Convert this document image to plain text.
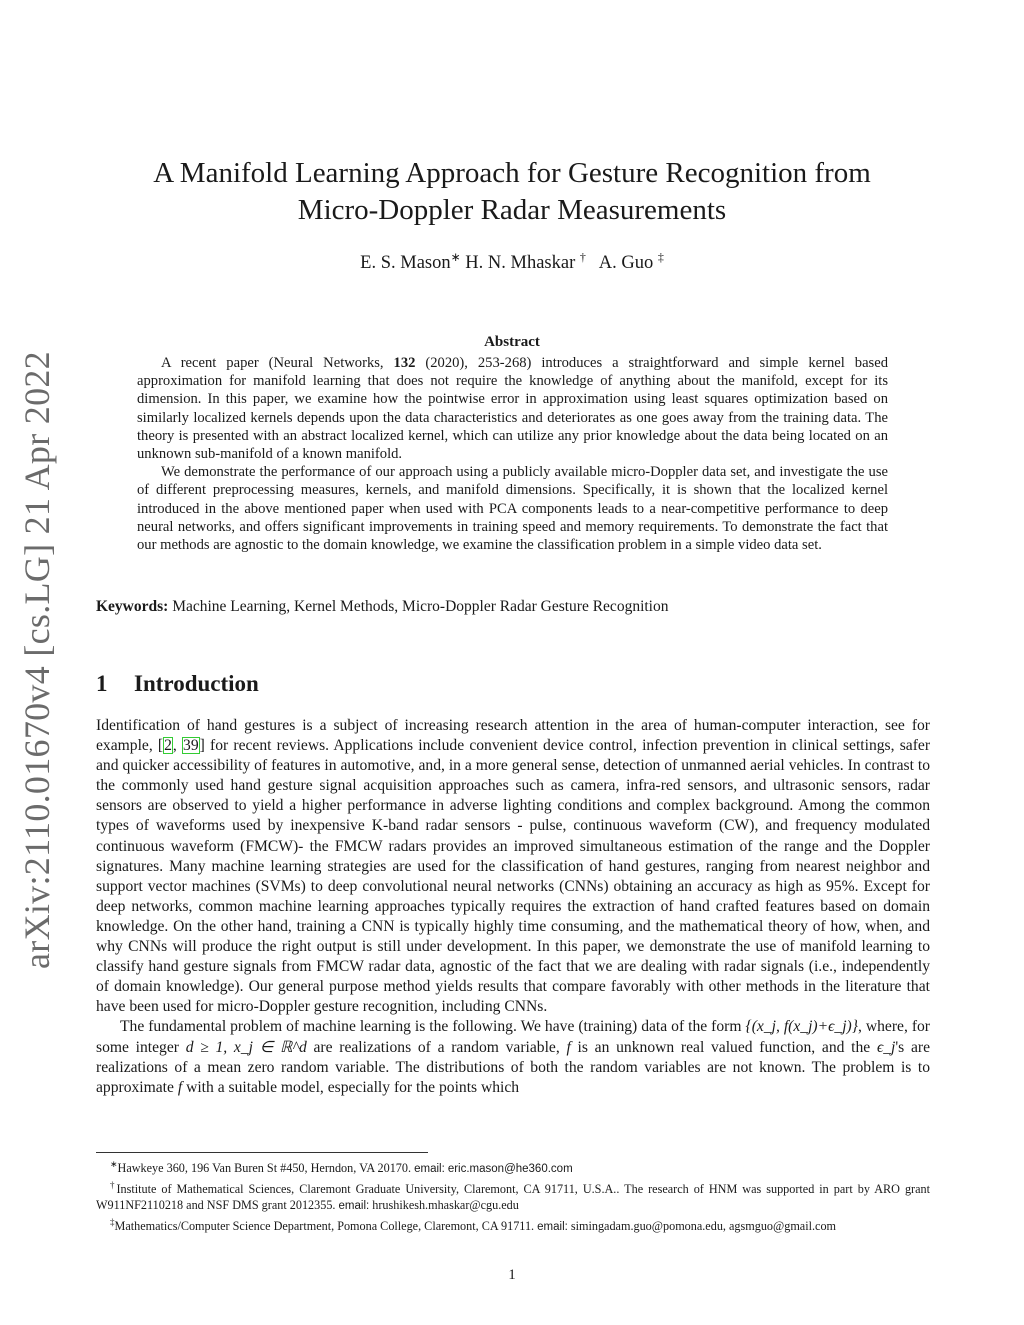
arXiv:2110.01670v4 [cs.LG] 21 Apr 2022
A Manifold Learning Approach for Gesture Recognition from
Micro-Doppler Radar Measurements
E. S. Mason∗ H. N. Mhaskar † A. Guo ‡
Abstract

A recent paper (Neural Networks, 132 (2020), 253-268) introduces a straightforward and simple kernel based approximation for manifold learning that does not require the knowledge of anything about the manifold, except for its dimension. In this paper, we examine how the pointwise error in approximation using least squares optimization based on similarly localized kernels depends upon the data characteristics and deteriorates as one goes away from the training data. The theory is presented with an abstract localized kernel, which can utilize any prior knowledge about the data being located on an unknown sub-manifold of a known manifold.

We demonstrate the performance of our approach using a publicly available micro-Doppler data set, and investigate the use of different preprocessing measures, kernels, and manifold dimensions. Specifically, it is shown that the localized kernel introduced in the above mentioned paper when used with PCA components leads to a near-competitive performance to deep neural networks, and offers significant improvements in training speed and memory requirements. To demonstrate the fact that our methods are agnostic to the domain knowledge, we examine the classification problem in a simple video data set.

Keywords: Machine Learning, Kernel Methods, Micro-Doppler Radar Gesture Recognition
1 Introduction

Identification of hand gestures is a subject of increasing research attention in the area of human-computer interaction, see for example, [2, 39] for recent reviews. Applications include convenient device control, infection prevention in clinical settings, safer and quicker accessibility of features in automotive, and, in a more general sense, detection of unmanned aerial vehicles. In contrast to the commonly used hand gesture signal acquisition approaches such as camera, infra-red sensors, and ultrasonic sensors, radar sensors are observed to yield a higher performance in adverse lighting conditions and complex background. Among the common types of waveforms used by inexpensive K-band radar sensors - pulse, continuous waveform (CW), and frequency modulated continuous waveform (FMCW)- the FMCW radars provides an improved simultaneous estimation of the range and the Doppler signatures. Many machine learning strategies are used for the classification of hand gestures, ranging from nearest neighbor and support vector machines (SVMs) to deep convolutional neural networks (CNNs) obtaining an accuracy as high as 95%. Except for deep networks, common machine learning approaches typically requires the extraction of hand crafted features based on domain knowledge. On the other hand, training a CNN is typically highly time consuming, and the mathematical theory of how, when, and why CNNs will produce the right output is still under development. In this paper, we demonstrate the use of manifold learning to classify hand gesture signals from FMCW radar data, agnostic of the fact that we are dealing with radar signals (i.e., independently of domain knowledge). Our general purpose method yields results that compare favorably with other methods in the literature that have been used for micro-Doppler gesture recognition, including CNNs.

The fundamental problem of machine learning is the following. We have (training) data of the form {(x_j, f(x_j)+ϵ_j)}, where, for some integer d ≥ 1, x_j ∈ ℝ^d are realizations of a random variable, f is an unknown real valued function, and the ϵ_j's are realizations of a mean zero random variable. The distributions of both the random variables are not known. The problem is to approximate f with a suitable model, especially for the points which

∗Hawkeye 360, 196 Van Buren St #450, Herndon, VA 20170. email: eric.mason@he360.com

†Institute of Mathematical Sciences, Claremont Graduate University, Claremont, CA 91711, U.S.A.. The research of HNM was supported in part by ARO grant W911NF2110218 and NSF DMS grant 2012355. email: hrushikesh.mhaskar@cgu.edu

‡Mathematics/Computer Science Department, Pomona College, Claremont, CA 91711. email: simingadam.guo@pomona.edu, agsmguo@gmail.com

1
